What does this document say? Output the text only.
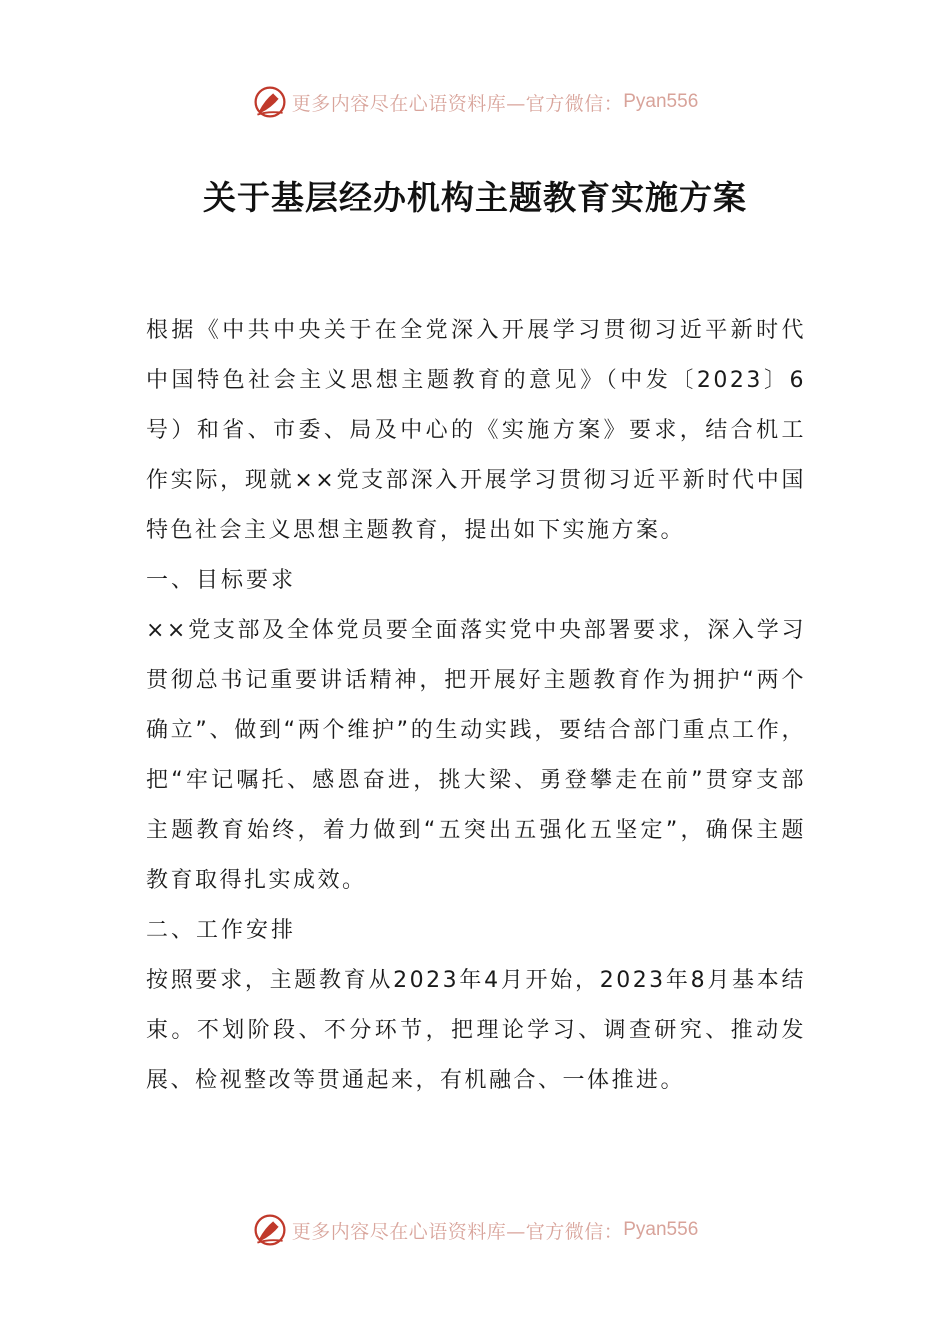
更多内容尽在心语资料库—官方微信： Pyan556
关于基层经办机构主题教育实施方案

根据《中共中央关于在全党深入开展学习贯彻习近平新时代中国特色社会主义思想主题教育的意见》（中发〔2023〕6号）和省、市委、局及中心的《实施方案》要求，结合机工作实际，现就××党支部深入开展学习贯彻习近平新时代中国特色社会主义思想主题教育，提出如下实施方案。

一、目标要求

××党支部及全体党员要全面落实党中央部署要求，深入学习贯彻总书记重要讲话精神，把开展好主题教育作为拥护“两个确立”、做到“两个维护”的生动实践，要结合部门重点工作，把“牢记嘱托、感恩奋进，挑大梁、勇登攀走在前”贯穿支部主题教育始终，着力做到“五突出五强化五坚定”，确保主题教育取得扎实成效。

二、工作安排

按照要求，主题教育从2023年4月开始，2023年8月基本结束。不划阶段、不分环节，把理论学习、调查研究、推动发展、检视整改等贯通起来，有机融合、一体推进。

更多内容尽在心语资料库—官方微信： Pyan556
